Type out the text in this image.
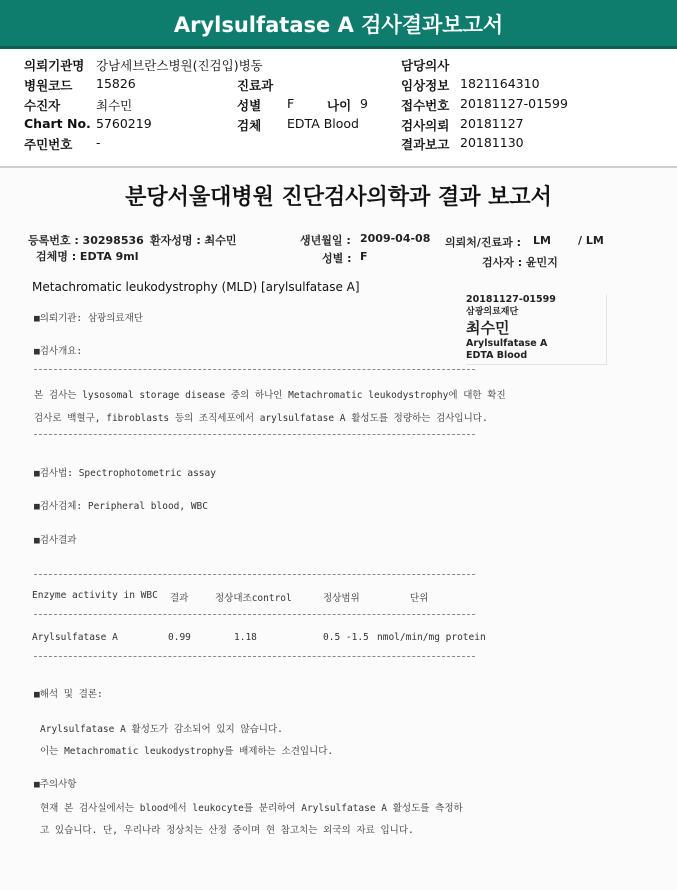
Arylsulfatase A 검사결과보고서
의뢰기관명 강남세브란스병원(진검입)병동	담당의사
병원코드 15826	진료과	임상정보 1821164310
수진자	최수민	성별 F	나이 9	접수번호 20181127-01599
Chart No. 5760219	검체 EDTA Blood	검사의뢰 20181127
주민번호 -	결과보고 20181130
분당서울대병원 진단검사의학과 결과 보고서
등록번호 : 30298536 환자성명 : 최수민	생년월일 : 2009-04-08 의뢰처/진료과 : LM / LM
검체명 : EDTA 9ml	성별 : F	검사자 : 윤민지
Metachromatic leukodystrophy (MLD) [arylsulfatase A]
20181127-01599
삼광의료재단
최수민
Arylsulfatase A
EDTA Blood
■의뢰기관: 삼광의료재단
■검사개요:
본 검사는 lysosomal storage disease 중의 하나인 Metachromatic leukodystrophy에 대한 확진
검사로 백혈구, fibroblasts 등의 조직세포에서 arylsulfatase A 활성도를 정량하는 검사입니다.
■검사법: Spectrophotometric assay
■검사검체: Peripheral blood, WBC
■검사결과
Enzyme activity in WBC 결과	정상대조control	정상범위	단위
Arylsulfatase A	0.99	1.18	0.5 -1.5 nmol/min/mg protein
■해석 및 결론:
Arylsulfatase A 활성도가 감소되어 있지 않습니다.
이는 Metachromatic leukodystrophy를 배제하는 소견입니다.
■주의사항
현재 본 검사실에서는 blood에서 leukocyte를 분리하여 Arylsulfatase A 활성도를 측정하
고 있습니다. 단, 우리나라 정상치는 산정 중이며 현 참고치는 외국의 자료 입니다.
